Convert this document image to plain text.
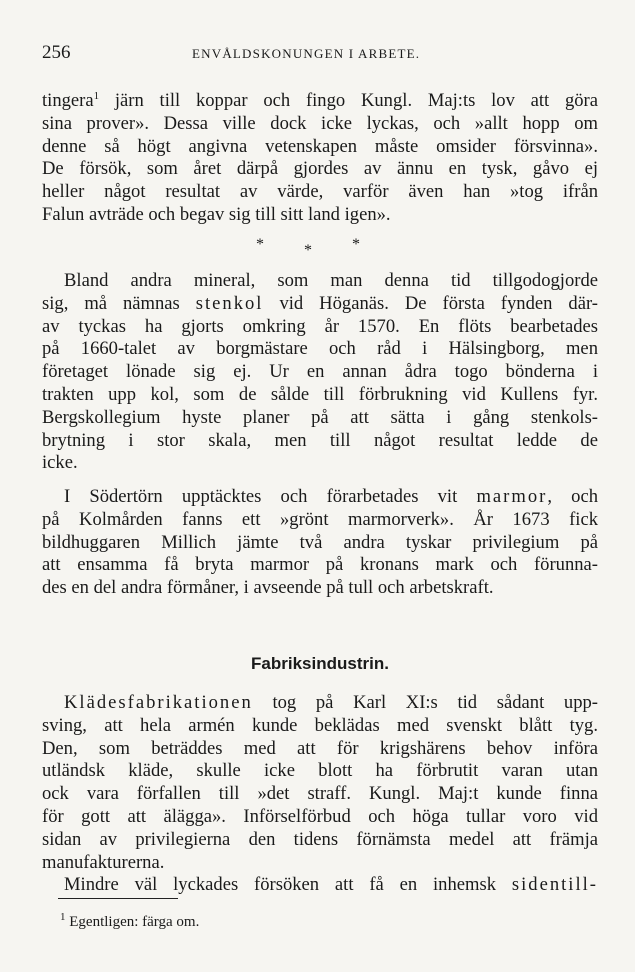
256	ENVÅLDSKONUNGEN I ARBETE.
tingera$^1$ järn till koppar och fingo Kungl. Maj:ts lov att göra
sina prover». Dessa ville dock icke lyckas, och »allt hopp om
denne så högt angivna vetenskapen måste omsider försvinna».
De försök, som året därpå gjordes av ännu en tysk, gåvo ej
heller något resultat av värde, varför även han »tog ifrån
Falun avträde och begav sig till sitt land igen».
*	*	*
Bland andra mineral, som man denna tid tillgodogjorde
sig, må nämnas stenkol vid Höganäs. De första fynden där-
av tyckas ha gjorts omkring år 1570. En flöts bearbetades
på 1660-talet av borgmästare och råd i Hälsingborg, men
företaget lönade sig ej. Ur en annan ådra togo bönderna i
trakten upp kol, som de sålde till förbrukning vid Kullens fyr.
Bergskollegium hyste planer på att sätta i gång stenkols-
brytning i stor skala, men till något resultat ledde de
icke.
I Södertörn upptäcktes och förarbetades vit marmor, och
på Kolmården fanns ett »grönt marmorverk». År 1673 fick
bildhuggaren Millich jämte två andra tyskar privilegium på
att ensamma få bryta marmor på kronans mark och förunna-
des en del andra förmåner, i avseende på tull och arbetskraft.
Fabriksindustrin.
Klädesfabrikationen tog på Karl XI:s tid sådant upp-
sving, att hela armén kunde beklädas med svenskt blått tyg.
Den, som beträddes med att för krigshärens behov införa
utländsk kläde, skulle icke blott ha förbrutit varan utan
ock vara förfallen till »det straff. Kungl. Maj:t kunde finna
för gott att älägga». Införselförbud och höga tullar voro vid
sidan av privilegierna den tidens förnämsta medel att främja
manufakturerna.
Mindre väl lyckades försöken att få en inhemsk sidentill-
$^1$ Egentligen: färga om.
